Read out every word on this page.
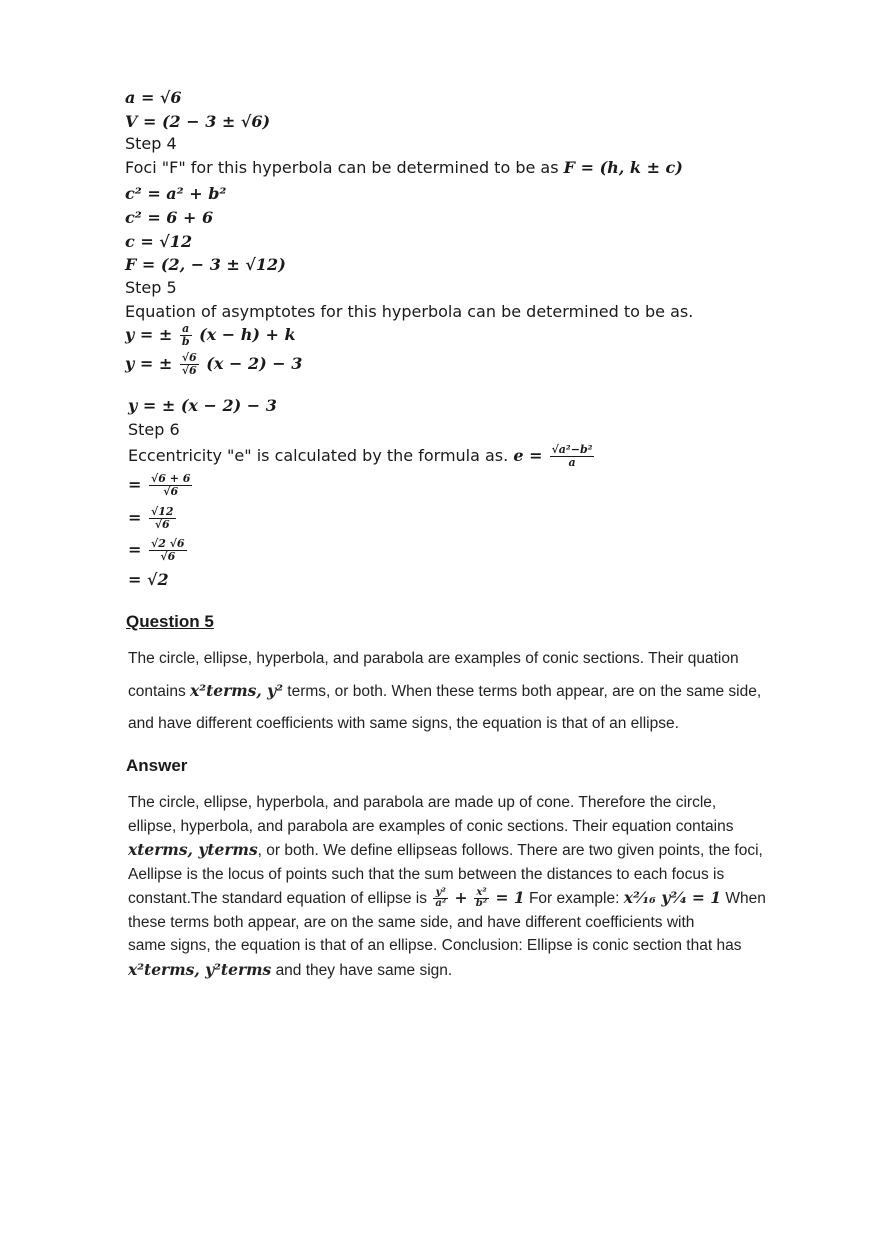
a = √6
V = (2 − 3 ± √6)
Step 4
Foci "F" for this hyperbola can be determined to be as F = (h, k ± c)
c² = a² + b²
c² = 6 + 6
c = √12
F = (2, − 3 ± √12)
Step 5
Equation of asymptotes for this hyperbola can be determined to be as.
y = ± $\frac{a}{b} (x - h) + k$
y = ± $\frac{√6}{√6} (x - 2) - 3$
y = ± (x − 2) − 3
Step 6
Eccentricity "e" is calculated by the formula as. $e = \frac{\text{√a²−b²}}{a}$
= $\frac{√6 + 6}{√6}$
= $\frac{√12}{√6}$
= $\frac{√2 √6}{√6}$
= √2
Question 5
The circle, ellipse, hyperbola, and parabola are examples of conic sections. Their quation
contains x²terms, y² terms, or both. When these terms both appear, are on the same side,
and have different coefficients with same signs, the equation is that of an ellipse.
Answer
The circle, ellipse, hyperbola, and parabola are made up of cone. Therefore the circle,
ellipse, hyperbola, and parabola are examples of conic sections. Their equation contains
xterms, yterms, or both. We define ellipseas follows. There are two given points, the foci,
Aellipse is the locus of points such that the sum between the distances to each focus is
constant.The standard equation of ellipse is $\frac{\text{y²}}{\text{a²}} + \frac{\text{x²}}{\text{b²}} = 1$ For example: x²⁄₁₆ y²⁄₄ = 1 When
these terms both appear, are on the same side, and have different coefficients with
same signs, the equation is that of an ellipse. Conclusion: Ellipse is conic section that has
x²terms, y²terms and they have same sign.
